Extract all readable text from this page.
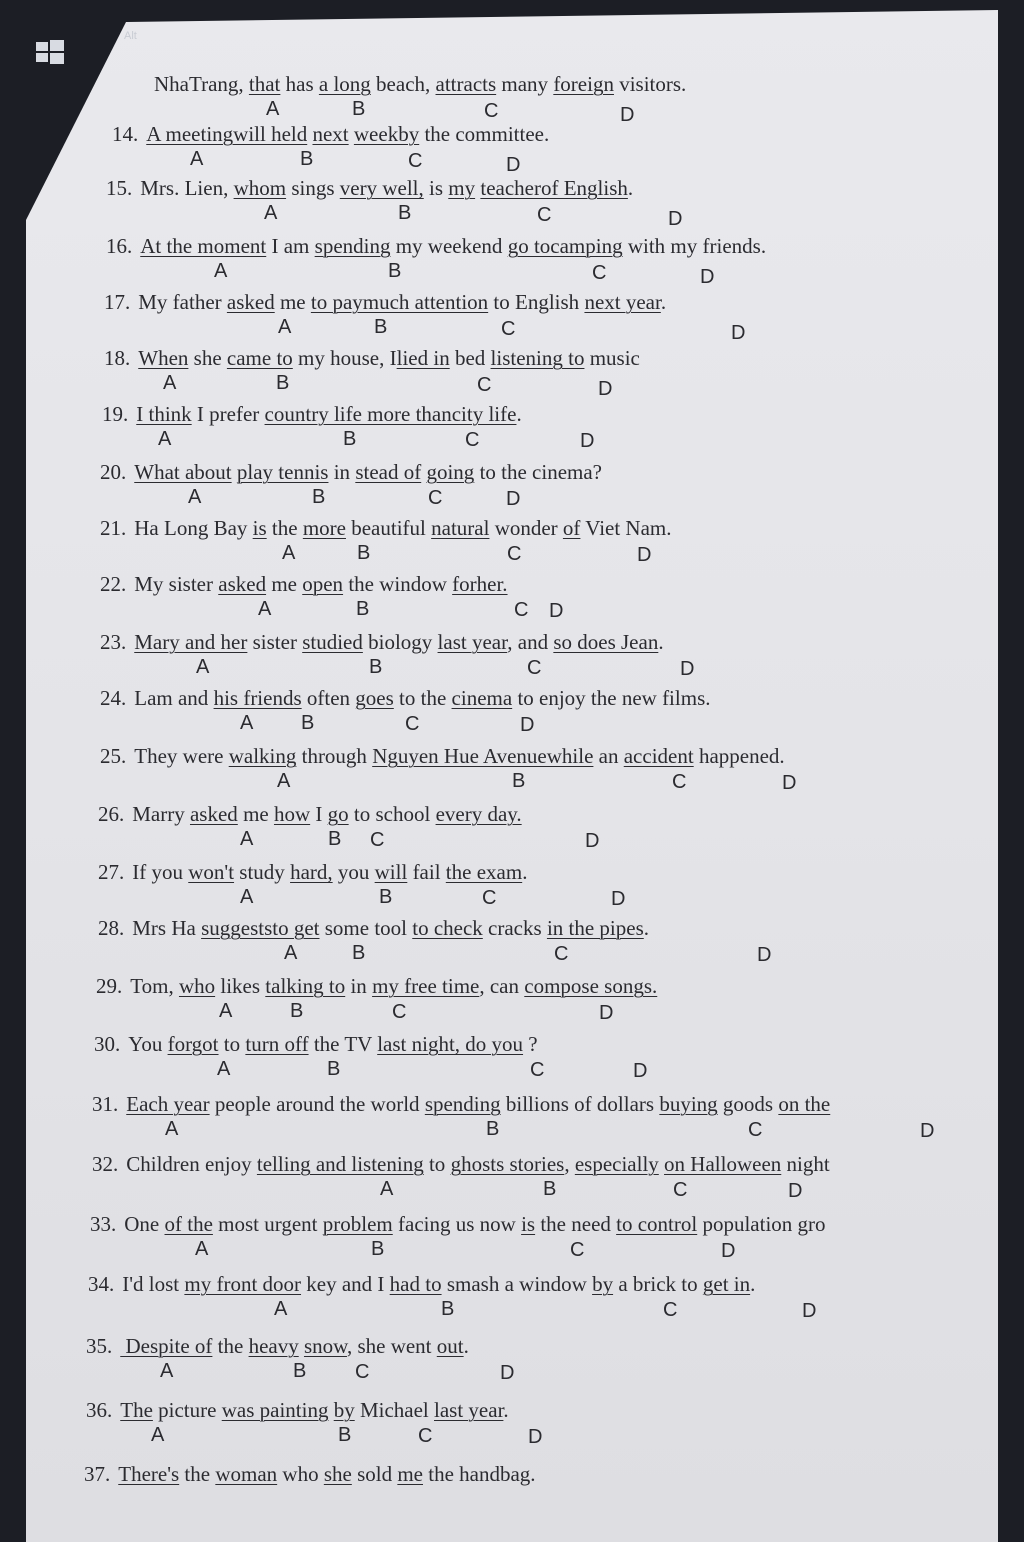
Alt
NhaTrang, that has a long beach, attracts many foreign visitors.
A	B	C	D
14. A meetingwill held next weekby the committee.
A	B	C	D
15. Mrs. Lien, whom sings very well, is my teacherof English.
A	B	C	D
16. At the moment I am spending my weekend go tocamping with my friends.
A	B	C	D
17. My father asked me to paymuch attention to English next year.
A	B	C	D
18. When she came to my house, Ilied in bed listening to music
A	B	C	D
19. I think I prefer country life more thancity life.
A	B	C	D
20. What about play tennis in stead of going to the cinema?
A	B	C	D
21. Ha Long Bay is the more beautiful natural wonder of Viet Nam.
A	B	C	D
22. My sister asked me open the window forher.
A	B	C D
23. Mary and her sister studied biology last year, and so does Jean.
A	B	C	D
24. Lam and his friends often goes to the cinema to enjoy the new films.
A B	C	D
25. They were walking through Nguyen Hue Avenuewhile an accident happened.
A	B	C	D
26. Marry asked me how I go to school every day.
A	B C	D
27. If you won't study hard, you will fail the exam.
A	B	C	D
28. Mrs Ha suggeststo get some tool to check cracks in the pipes.
A	B	C	D
29. Tom, who likes talking to in my free time, can compose songs.
A	B	C	D
30. You forgot to turn off the TV last night, do you ?
A	B	C	D
31. Each year people around the world spending billions of dollars buying goods on the
A	B	C	D
32. Children enjoy telling and listening to ghosts stories, especially on Halloween night
A	B	C	D
33. One of the most urgent problem facing us now is the need to control population gro
A	B	C	D
34. I'd lost my front door key and I had to smash a window by a brick to get in.
A	B	C	D
35. Despite of the heavy snow, she went out.
A	B C	D
36. The picture was painting by Michael last year.
A	B	C	D
37. There's the woman who she sold me the handbag.
